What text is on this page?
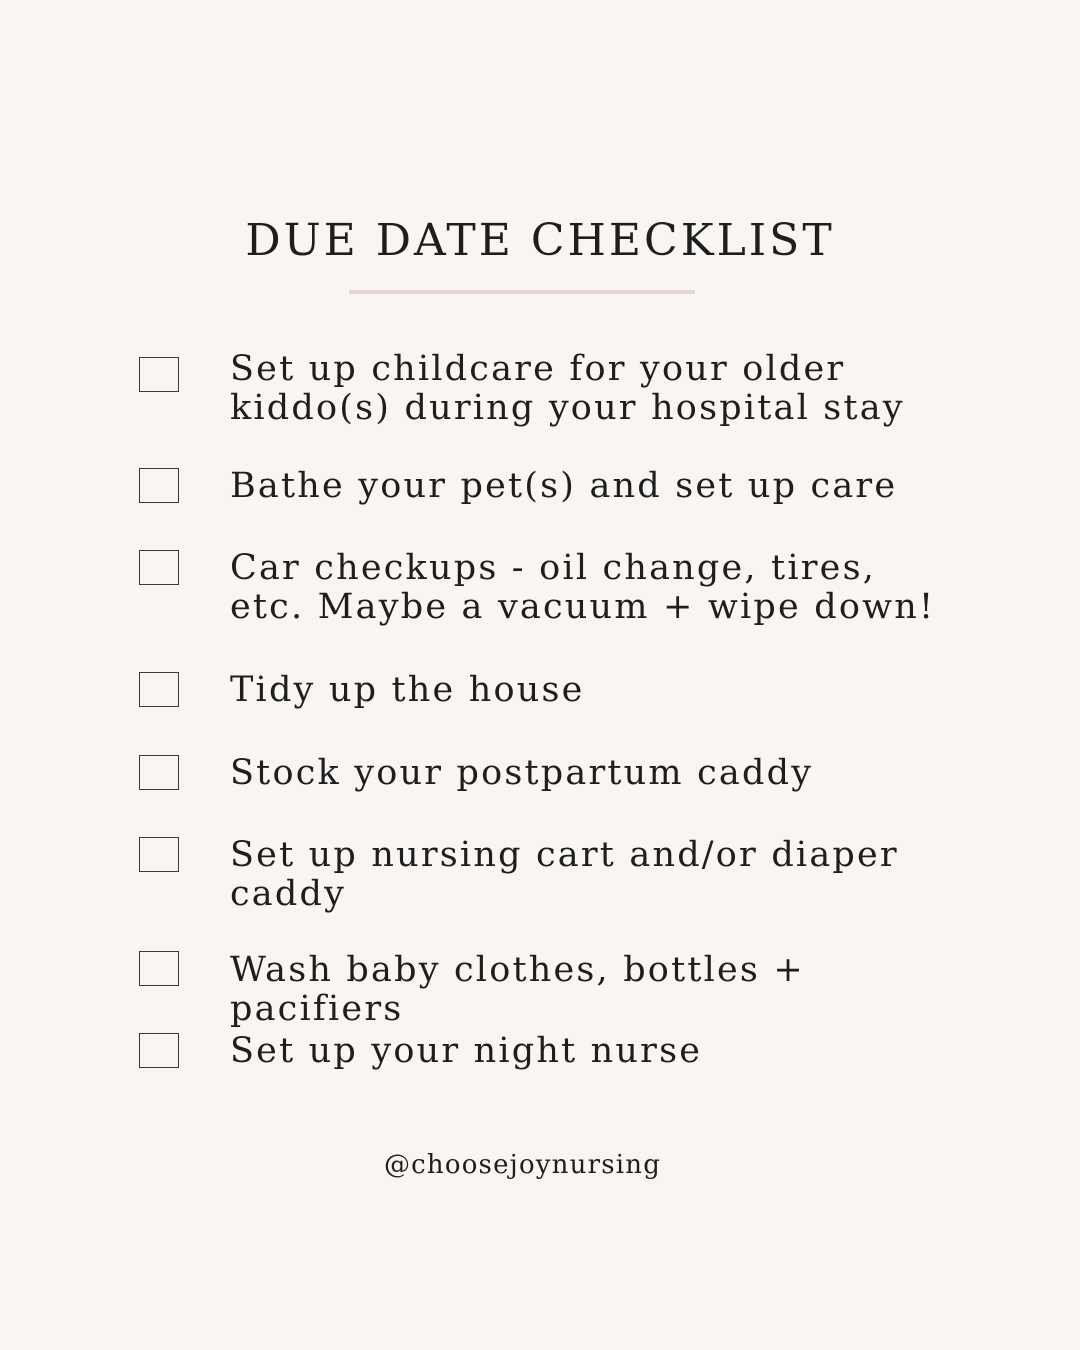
DUE DATE CHECKLIST
Set up childcare for your older
kiddo(s) during your hospital stay
Bathe your pet(s) and set up care
Car checkups - oil change, tires,
etc. Maybe a vacuum + wipe down!
Tidy up the house
Stock your postpartum caddy
Set up nursing cart and/or diaper
caddy
Wash baby clothes, bottles + pacifiers
Set up your night nurse
@choosejoynursing
